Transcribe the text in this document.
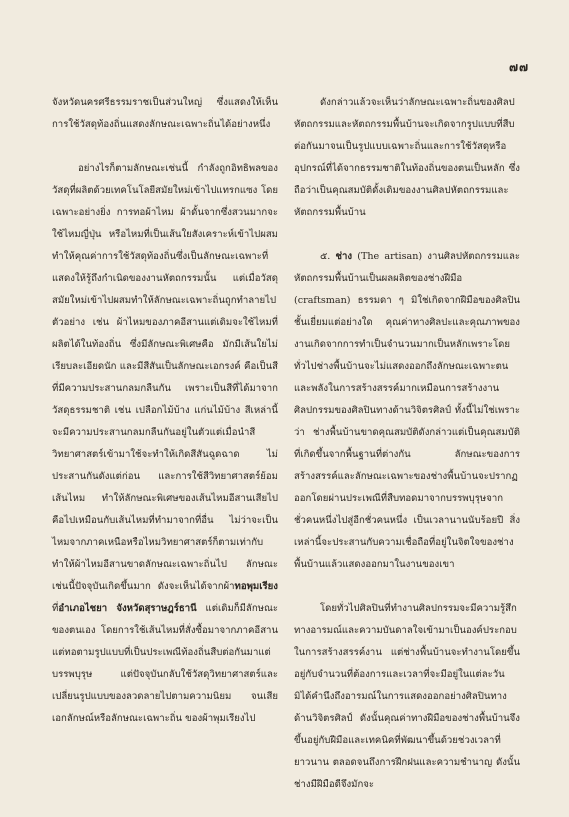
๗๗

จังหวัดนครศรีธรรมราชเป็นส่วนใหญ่ ซึ่งแสดงให้เห็นการใช้วัสดุท้องถิ่นแสดงลักษณะเฉพาะถิ่นได้อย่างหนึ่ง

อย่างไรก็ตามลักษณะเช่นนี้ กำลังถูกอิทธิพลของวัสดุที่ผลิตด้วยเทคโนโลยีสมัยใหม่เข้าไปแทรกแซง โดยเฉพาะอย่างยิ่ง การทอผ้าไหม ผ้าดั้นจากซึ่งสวนมากจะใช้ไหมญี่ปุ่น หรือไหมที่เป็นเส้นใยสังเคราะห์เข้าไปผสม ทำให้คุณค่าการใช้วัสดุท้องถิ่นซึ่งเป็นลักษณะเฉพาะที่แสดงให้รู้ถึงกำเนิดของงานหัตถกรรมนั้น แต่เมื่อวัสดุสมัยใหม่เข้าไปผสมทำให้ลักษณะเฉพาะถิ่นถูกทำลายไป ตัวอย่าง เช่น ผ้าไหมของภาคอีสานแต่เดิมจะใช้ไหมที่ผลิตได้ในท้องถิ่น ซึ่งมีลักษณะพิเศษคือ มักมีเส้นใยไม่เรียบละเอียดนัก และมีสีสันเป็นลักษณะเอกรงค์ คือเป็นสีที่มีความประสานกลมกลืนกัน เพราะเป็นสีที่ได้มาจากวัสดุธรรมชาติ เช่น เปลือกไม้บ้าง แก่นไม้บ้าง สีเหล่านี้จะมีความประสานกลมกลืนกันอยู่ในตัวแต่เมื่อนำสีวิทยาศาสตร์เข้ามาใช้จะทำให้เกิดสีสันฉูดฉาด ไม่ประสานกันดังแต่ก่อน และการใช้สีวิทยาศาสตร์ย้อมเส้นไหม ทำให้ลักษณะพิเศษของเส้นไหมอีสานเสียไป คือไปเหมือนกับเส้นไหมที่ทำมาจากที่อื่น ไม่ว่าจะเป็นไหมจากภาคเหนือหรือไหมวิทยาศาสตร์ก็ตามเท่ากับทำให้ผ้าไหมอีสานขาดลักษณะเฉพาะถิ่นไป ลักษณะเช่นนี้ปัจจุบันเกิดขึ้นมาก ดังจะเห็นได้จากผ้าทอพุมเรียง ที่อำเภอไชยา จังหวัดสุราษฎร์ธานี แต่เดิมก็มีลักษณะของตนเอง โดยการใช้เส้นไหมที่สั่งซื้อมาจากภาคอีสาน แต่ทอตามรูปแบบที่เป็นประเพณีท้องถิ่นสืบต่อกันมาแต่บรรพบุรุษ แต่ปัจจุบันกลับใช้วัสดุวิทยาศาสตร์และเปลี่ยนรูปแบบของลวดลายไปตามความนิยม จนเสียเอกลักษณ์หรือลักษณะเฉพาะถิ่น ของผ้าพุมเรียงไป

ดังกล่าวแล้วจะเห็นว่าลักษณะเฉพาะถิ่นของศิลปหัตถกรรมและหัตถกรรมพื้นบ้านจะเกิดจากรูปแบบที่สืบต่อกันมาจนเป็นรูปแบบเฉพาะถิ่นและการใช้วัสดุหรืออุปกรณ์ที่ได้จากธรรมชาติในท้องถิ่นของตนเป็นหลัก ซึ่งถือว่าเป็นคุณสมบัติดั้งเดิมของงานศิลปหัตถกรรมและหัตถกรรมพื้นบ้าน

๕. ช่าง (The artisan) งานศิลปหัตถกรรมและหัตถกรรมพื้นบ้านเป็นผลผลิตของช่างฝีมือ (craftsman) ธรรมดา ๆ มิใช่เกิดจากฝีมือของศิลปินชั้นเยี่ยมแต่อย่างใด คุณค่าทางศิลปะและคุณภาพของงานเกิดจากการทำเป็นจำนวนมากเป็นหลักเพราะโดยทั่วไปช่างพื้นบ้านจะไม่แสดงออกถึงลักษณะเฉพาะตนและพลังในการสร้างสรรค์มากเหมือนการสร้างงานศิลปกรรมของศิลปินทางด้านวิจิตรศิลป์ ทั้งนี้ไม่ใช่เพราะว่า ช่างพื้นบ้านขาดคุณสมบัติดังกล่าวแต่เป็นคุณสมบัติที่เกิดขึ้นจากพื้นฐานที่ต่างกัน ลักษณะของการสร้างสรรค์และลักษณะเฉพาะของช่างพื้นบ้านจะปรากฏออกโดยผ่านประเพณีที่สืบทอดมาจากบรรพบุรุษจากชั่วคนหนึ่งไปสู่อีกชั่วคนหนึ่ง เป็นเวลานานนับร้อยปี สิ่งเหล่านี้จะประสานกับความเชื่อถือที่อยู่ในจิตใจของช่างพื้นบ้านแล้วแสดงออกมาในงานของเขา

โดยทั่วไปศิลปินที่ทำงานศิลปกรรมจะมีความรู้สึกทางอารมณ์และความบันดาลใจเข้ามาเป็นองค์ประกอบในการสร้างสรรค์งาน แต่ช่างพื้นบ้านจะทำงานโดยขึ้นอยู่กับจำนวนที่ต้องการและเวลาที่จะมีอยู่ในแต่ละวัน มิได้คำนึงถึงอารมณ์ในการแสดงออกอย่างศิลปินทางด้านวิจิตรศิลป์ ดังนั้นคุณค่าทางฝีมือของช่างพื้นบ้านจึงขึ้นอยู่กับฝีมือและเทคนิคที่พัฒนาขึ้นด้วยช่วงเวลาที่ยาวนาน ตลอดจนถึงการฝึกฝนและความชำนาญ ดังนั้นช่างมีฝีมือดีจึงมักจะ
